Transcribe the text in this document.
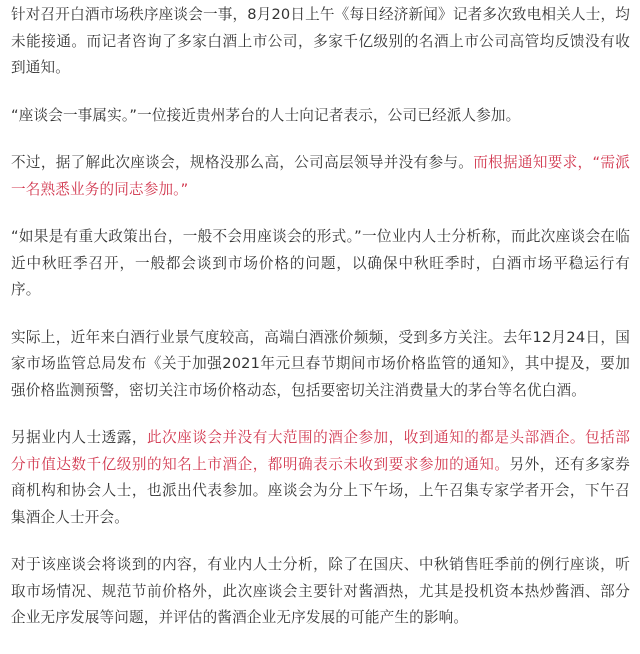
针对召开白酒市场秩序座谈会一事，8月20日上午《每日经济新闻》记者多次致电相关人士，均未能接通。而记者咨询了多家白酒上市公司，多家千亿级别的名酒上市公司高管均反馈没有收到通知。

“座谈会一事属实。”一位接近贵州茅台的人士向记者表示，公司已经派人参加。

不过，据了解此次座谈会，规格没那么高，公司高层领导并没有参与。而根据通知要求，“需派一名熟悉业务的同志参加。”

“如果是有重大政策出台，一般不会用座谈会的形式。”一位业内人士分析称，而此次座谈会在临近中秋旺季召开，一般都会谈到市场价格的问题，以确保中秋旺季时，白酒市场平稳运行有序。

实际上，近年来白酒行业景气度较高，高端白酒涨价频频，受到多方关注。去年12月24日，国家市场监管总局发布《关于加强2021年元旦春节期间市场价格监管的通知》，其中提及，要加强价格监测预警，密切关注市场价格动态，包括要密切关注消费量大的茅台等名优白酒。

另据业内人士透露，此次座谈会并没有大范围的酒企参加，收到通知的都是头部酒企。包括部分市值达数千亿级别的知名上市酒企，都明确表示未收到要求参加的通知。另外，还有多家券商机构和协会人士，也派出代表参加。座谈会为分上下午场，上午召集专家学者开会，下午召集酒企人士开会。

对于该座谈会将谈到的内容，有业内人士分析，除了在国庆、中秋销售旺季前的例行座谈，听取市场情况、规范节前价格外，此次座谈会主要针对酱酒热，尤其是投机资本热炒酱酒、部分企业无序发展等问题，并评估的酱酒企业无序发展的可能产生的影响。
